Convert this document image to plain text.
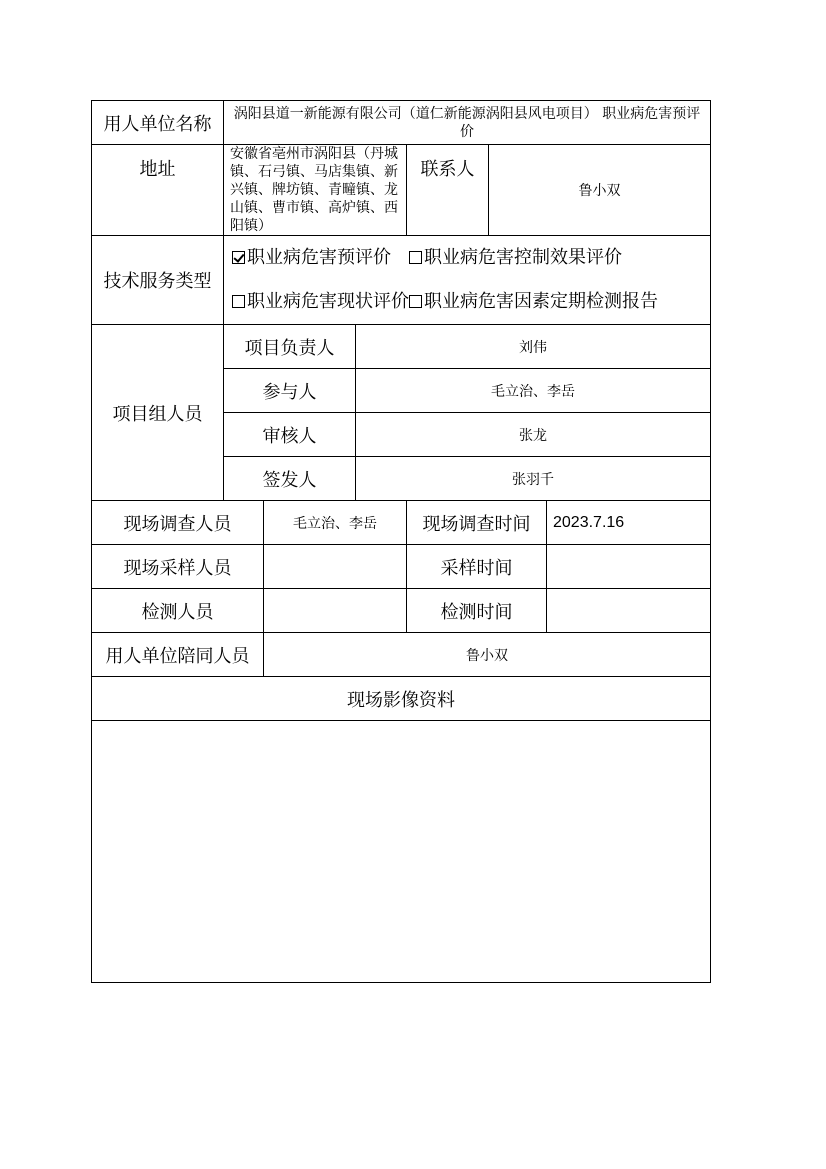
用人单位名称	涡阳县道一新能源有限公司（道仁新能源涡阳县风电项目） 职业病危害预评价					
地址	安徽省亳州市涡阳县（丹城镇、石弓镇、马店集镇、新兴镇、牌坊镇、青疃镇、龙山镇、曹市镇、高炉镇、西阳镇）			联系人	鲁小双	
技术服务类型	职业病危害预评价 职业病危害控制效果评价
职业病危害现状评价 职业病危害因素定期检测报告					

项目组人员	项目负责人		刘伟			
	参与人		毛立治、李岳			
	审核人		张龙			
	签发人		张羽千			
现场调查人员		毛立治、李岳		现场调查时间		2023.7.16
现场采样人员				采样时间		
检测人员				检测时间		
用人单位陪同人员		鲁小双				
现场影像资料						
